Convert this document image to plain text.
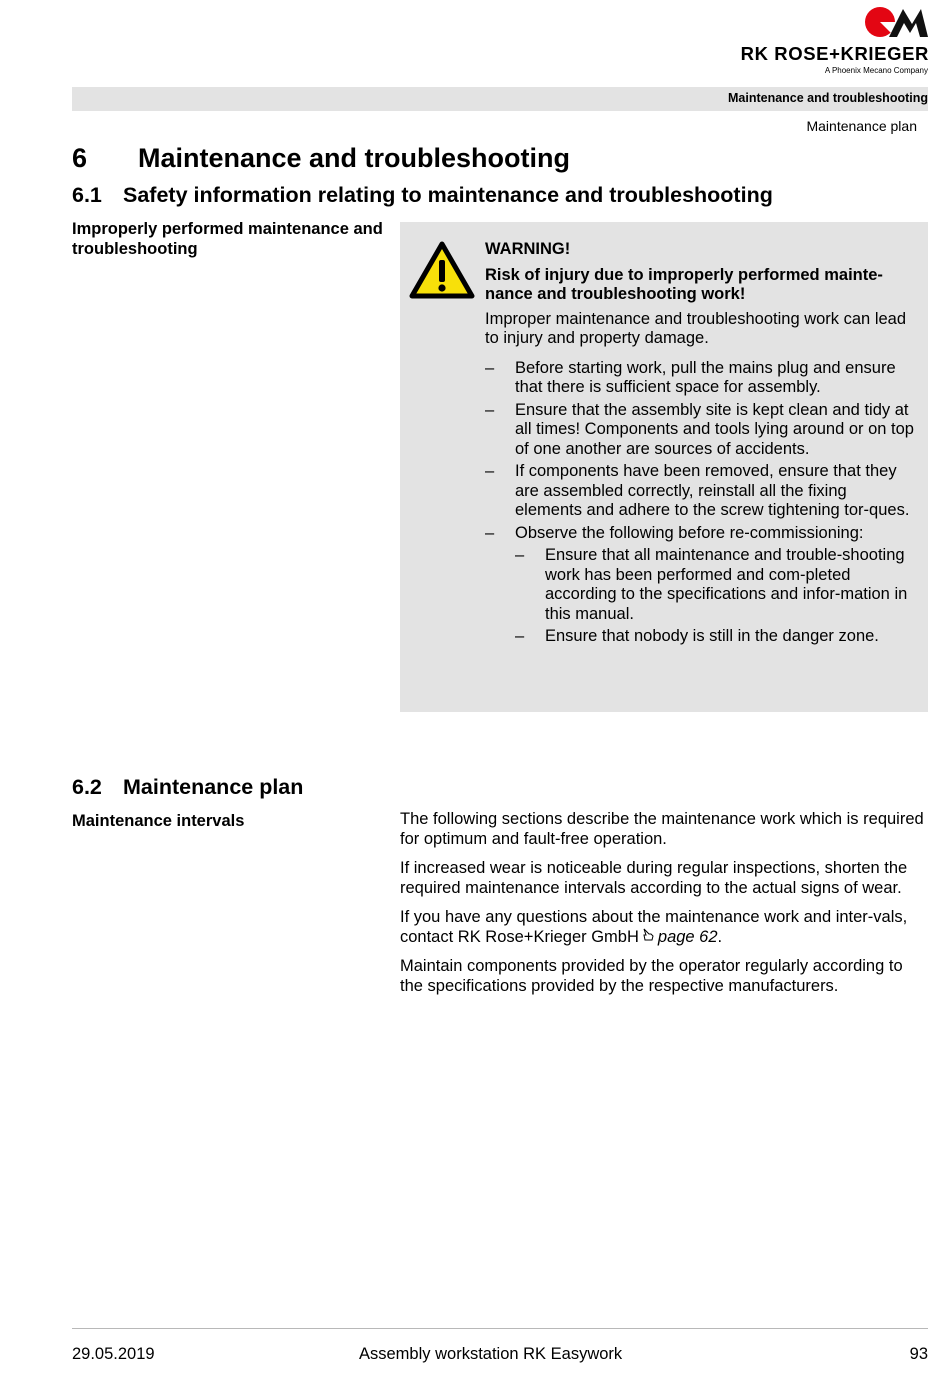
RK ROSE+KRIEGER
A Phoenix Mecano Company
Maintenance and troubleshooting
Maintenance plan
6 Maintenance and troubleshooting
6.1 Safety information relating to maintenance and troubleshooting
Improperly performed maintenance and troubleshooting	WARNING!
Risk of injury due to improperly performed mainte-nance and troubleshooting work!
Improper maintenance and troubleshooting work can lead to injury and property damage.
–	Before starting work, pull the mains plug and ensure that there is sufficient space for assembly.
–	Ensure that the assembly site is kept clean and tidy at all times! Components and tools lying around or on top of one another are sources of accidents.
–	If components have been removed, ensure that they are assembled correctly, reinstall all the fixing elements and adhere to the screw tightening tor-ques.
–	Observe the following before re-commissioning:
–	Ensure that all maintenance and trouble-shooting work has been performed and com-pleted according to the specifications and infor-mation in this manual.
–	Ensure that nobody is still in the danger zone.
6.2 Maintenance plan
Maintenance intervals	The following sections describe the maintenance work which is required for optimum and fault-free operation.

If increased wear is noticeable during regular inspections, shorten the required maintenance intervals according to the actual signs of wear.

If you have any questions about the maintenance work and inter-vals, contact RK Rose+Krieger GmbH page 62.

Maintain components provided by the operator regularly according to the specifications provided by the respective manufacturers.

29.05.2019	Assembly workstation RK Easywork	93
